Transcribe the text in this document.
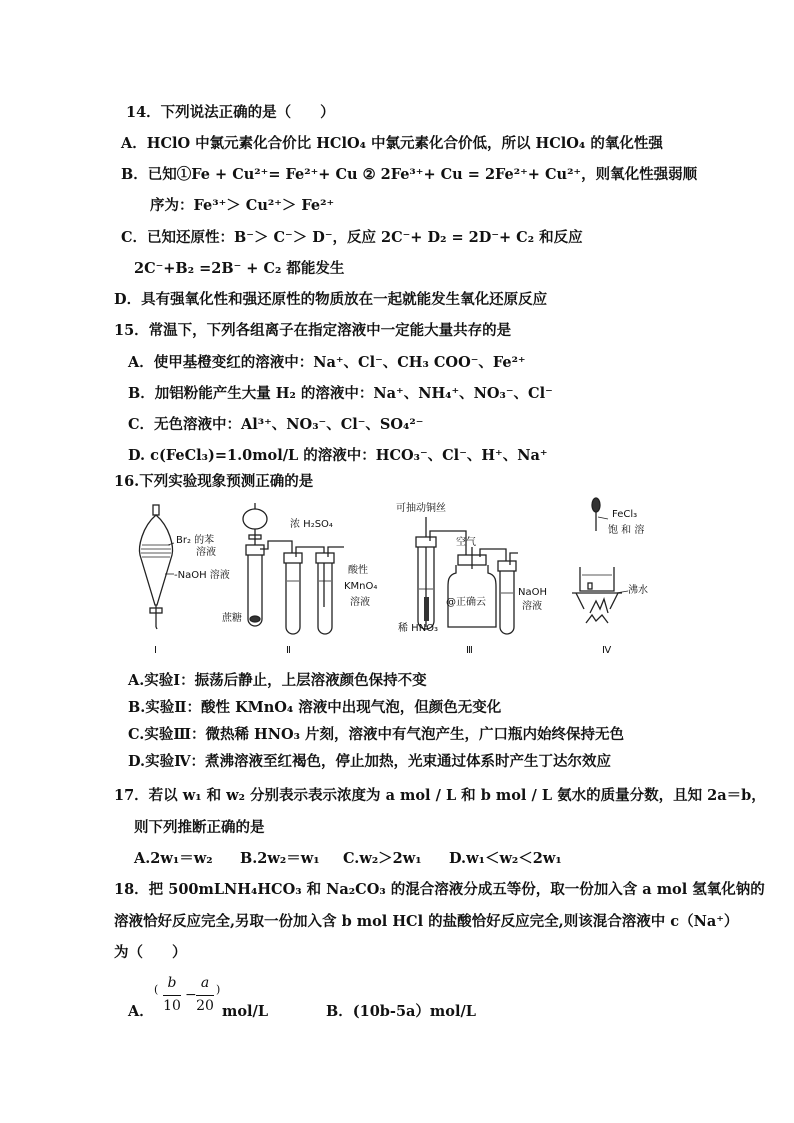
14．下列说法正确的是（　　）
A．HClO 中氯元素化合价比 HClO₄ 中氯元素化合价低，所以 HClO₄ 的氧化性强
B．已知①Fe + Cu²⁺= Fe²⁺+ Cu ② 2Fe³⁺+ Cu = 2Fe²⁺+ Cu²⁺，则氧化性强弱顺
序为：Fe³⁺＞ Cu²⁺＞ Fe²⁺
C．已知还原性：B⁻＞ C⁻＞ D⁻，反应 2C⁻+ D₂ = 2D⁻+ C₂ 和反应
2C⁻+B₂ =2B⁻ + C₂ 都能发生
D．具有强氧化性和强还原性的物质放在一起就能发生氧化还原反应
15．常温下，下列各组离子在指定溶液中一定能大量共存的是
A．使甲基橙变红的溶液中：Na⁺、Cl⁻、CH₃ COO⁻、Fe²⁺
B．加铝粉能产生大量 H₂ 的溶液中：Na⁺、NH₄⁺、NO₃⁻、Cl⁻
C．无色溶液中：Al³⁺、NO₃⁻、Cl⁻、SO₄²⁻
D. c(FeCl₃)=1.0mol/L 的溶液中：HCO₃⁻、Cl⁻、H⁺、Na⁺
16.下列实验现象预测正确的是
Br₂ 的苯
溶液
-NaOH 溶液
浓 H₂SO₄
酸性
KMnO₄
溶液
蔗糖
可抽动铜丝
空气
NaOH
溶液
@正确云
稀 HNO₃
FeCl₃
饱 和 溶
沸水
Ⅰ	Ⅱ	Ⅲ	Ⅳ
A.实验Ⅰ：振荡后静止，上层溶液颜色保持不变
B.实验Ⅱ：酸性 KMnO₄ 溶液中出现气泡，但颜色无变化
C.实验Ⅲ：微热稀 HNO₃ 片刻，溶液中有气泡产生，广口瓶内始终保持无色
D.实验Ⅳ：煮沸溶液至红褐色，停止加热，光束通过体系时产生丁达尔效应
17．若以 w₁ 和 w₂ 分别表示表示浓度为 a mol / L 和 b mol / L 氨水的质量分数，且知 2a＝b，
则下列推断正确的是
A.2w₁＝w₂ B.2w₂＝w₁ C.w₂＞2w₁ D.w₁＜w₂＜2w₁
18．把 500mLNH₄HCO₃ 和 Na₂CO₃ 的混合溶液分成五等份，取一份加入含 a mol 氢氧化钠的
溶液恰好反应完全,另取一份加入含 b mol HCl 的盐酸恰好反应完全,则该混合溶液中 c（Na⁺）
为（　　）
A．
( b
10
−
a
20
)
mol/L	B．(10b-5a）mol/L
